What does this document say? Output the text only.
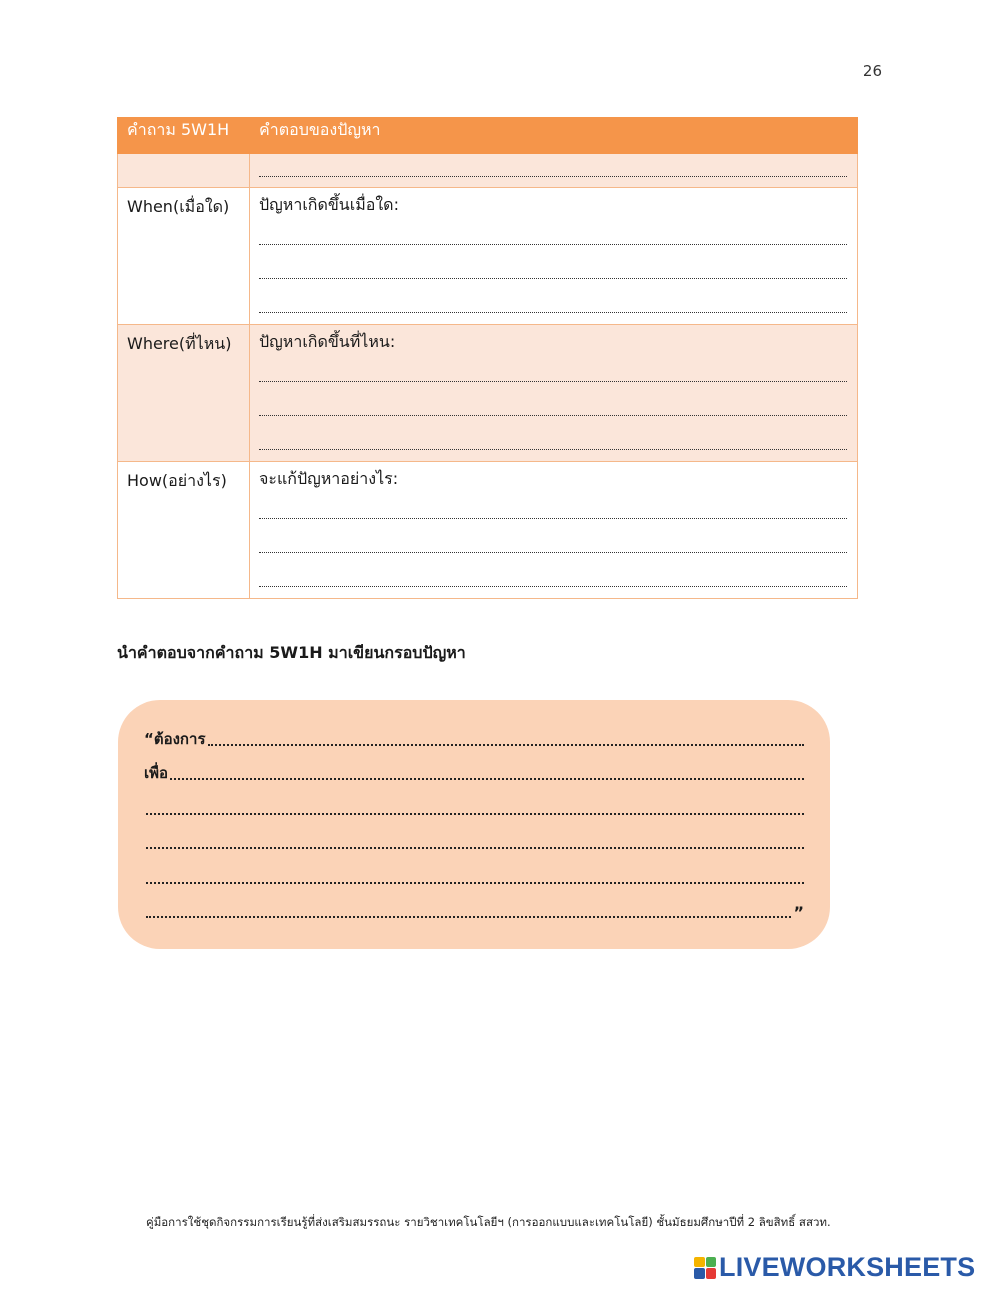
26
คำถาม 5W1H	คำตอบของปัญหา

When(เมื่อใด)	ปัญหาเกิดขึ้นเมื่อใด:

Where(ที่ไหน)	ปัญหาเกิดขึ้นที่ไหน:

How(อย่างไร)	จะแก้ปัญหาอย่างไร:
นำคำตอบจากคำถาม 5W1H มาเขียนกรอบปัญหา
“ต้องการ
เพื่อ
”
คู่มือการใช้ชุดกิจกรรมการเรียนรู้ที่ส่งเสริมสมรรถนะ รายวิชาเทคโนโลยีฯ (การออกแบบและเทคโนโลยี) ชั้นมัธยมศึกษาปีที่ 2 ลิขสิทธิ์ สสวท.
LIVEWORKSHEETS
